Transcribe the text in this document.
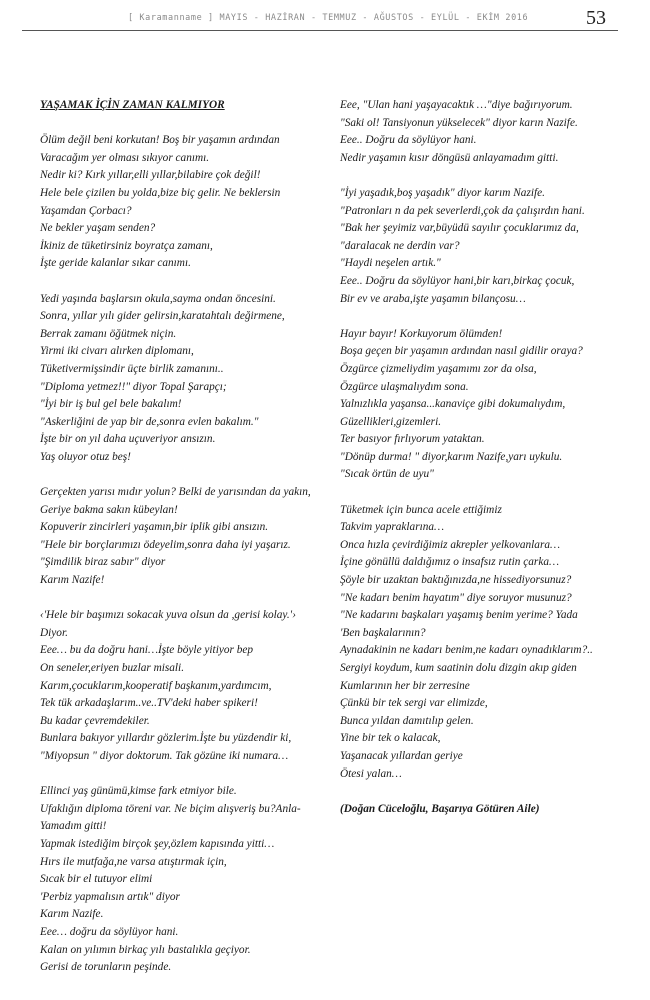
[ Karamanname ] MAYIS - HAZİRAN - TEMMUZ - AĞUSTOS - EYLÜL - EKİM 2016	53
YAŞAMAK İÇİN ZAMAN KALMIYOR
Ölüm değil beni korkutan! Boş bir yaşamın ardından
Varacağım yer olması sıkıyor canımı.
Nedir ki? Kırk yıllar,elli yıllar,bilabire çok değil!
Hele bele çizilen bu yolda,bize biç gelir. Ne beklersin
Yaşamdan Çorbacı?
Ne bekler yaşam senden?
İkiniz de tüketirsiniz boyratça zamanı,
İşte geride kalanlar sıkar canımı.
Yedi yaşında başlarsın okula,sayma ondan öncesini.
Sonra, yıllar yılı gider gelirsin,karatahtalı değirmene,
Berrak zamanı öğütmek niçin.
Yirmi iki civarı alırken diplomanı,
Tüketivermişsindir üçte birlik zamanını..
"Diploma yetmez!!" diyor Topal Şarapçı;
"İyi bir iş bul gel bele bakalım!
"Askerliğini de yap bir de,sonra evlen bakalım."
İşte bir on yıl daha uçuveriyor ansızın.
Yaş oluyor otuz beş!
Gerçekten yarısı mıdır yolun? Belki de yarısından da yakın,
Geriye bakma sakın kübeylan!
Kopuverir zincirleri yaşamın,bir iplik gibi ansızın.
"Hele bir borçlarımızı ödeyelim,sonra daha iyi yaşarız.
"Şimdilik biraz sabır" diyor
Karım Nazife!
‹'Hele bir başımızı sokacak yuva olsun da ,gerisi kolay.'›
Diyor.
Eee… bu da doğru hani…İşte böyle yitiyor bep
On seneler,eriyen buzlar misali.
Karım,çocuklarım,kooperatif başkanım,yardımcım,
Tek tük arkadaşlarım..ve..TV'deki haber spikeri!
Bu kadar çevremdekiler.
Bunlara bakıyor yıllardır gözlerim.İşte bu yüzdendir ki,
"Miyopsun " diyor doktorum. Tak gözüne iki numara…
Ellinci yaş günümü,kimse fark etmiyor bile.
Ufaklığın diploma töreni var. Ne biçim alışveriş bu?Anla-
Yamadım gitti!
Yapmak istediğim birçok şey,özlem kapısında yitti…
Hırs ile mutfağa,ne varsa atıştırmak için,
Sıcak bir el tutuyor elimi
'Perbiz yapmalısın artık" diyor
Karım Nazife.
Eee… doğru da söylüyor hani.
Kalan on yılımın birkaç yılı bastalıkla geçiyor.
Gerisi de torunların peşinde.
Eee, "Ulan hani yaşayacaktık …"diye bağırıyorum.
"Saki ol! Tansiyonun yükselecek" diyor karın Nazife.
Eee.. Doğru da söylüyor hani.
Nedir yaşamın kısır döngüsü anlayamadım gitti.
"İyi yaşadık,boş yaşadık" diyor karım Nazife.
"Patronları n da pek severlerdi,çok da çalışırdın hani.
"Bak her şeyimiz var,büyüdü sayılır çocuklarımız da,
"daralacak ne derdin var?
"Haydi neşelen artık."
Eee.. Doğru da söylüyor hani,bir karı,birkaç çocuk,
Bir ev ve araba,işte yaşamın bilançosu…
Hayır bayır! Korkuyorum ölümden!
Boşa geçen bir yaşamın ardından nasıl gidilir oraya?
Özgürce çizmeliydim yaşamımı zor da olsa,
Özgürce ulaşmalıydım sona.
Yalnızlıkla yaşansa...kanaviçe gibi dokumalıydım,
Güzellikleri,gizemleri.
Ter basıyor fırlıyorum yataktan.
"Dönüp durma! " diyor,karım Nazife,yarı uykulu.
"Sıcak örtün de uyu"
Tüketmek için bunca acele ettiğimiz
Takvim yapraklarına…
Onca hızla çevirdiğimiz akrepler yelkovanlara…
İçine gönüllü daldığımız o insafsız rutin çarka…
Şöyle bir uzaktan baktığınızda,ne hissediyorsunuz?
"Ne kadarı benim hayatım" diye soruyor musunuz?
"Ne kadarını başkaları yaşamış benim yerime? Yada
'Ben başkalarının?
Aynadakinin ne kadarı benim,ne kadarı oynadıklarım?..
Sergiyi koydum, kum saatinin dolu dizgin akıp giden
Kumlarının her bir zerresine
Çünkü bir tek sergi var elimizde,
Bunca yıldan damıtılıp gelen.
Yine bir tek o kalacak,
Yaşanacak yıllardan geriye
Ötesi yalan…
(Doğan Cüceloğlu, Başarıya Götüren Aile)
